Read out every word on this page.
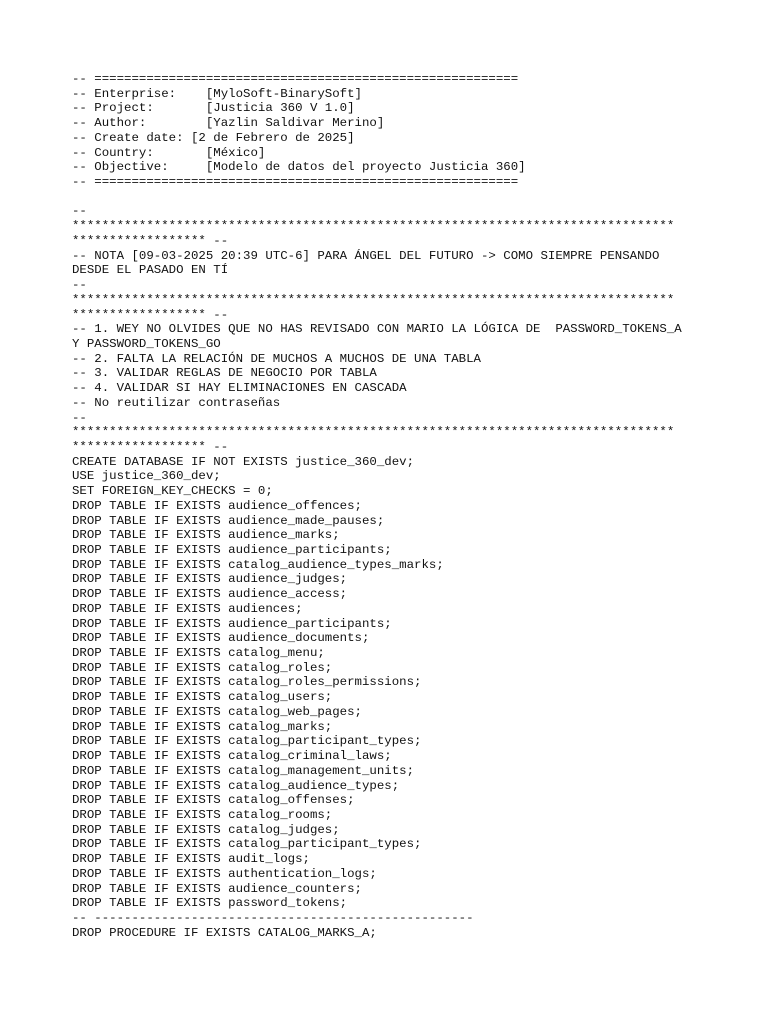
-- =========================================================
-- Enterprise:    [MyloSoft-BinarySoft]
-- Project:       [Justicia 360 V 1.0]
-- Author:        [Yazlin Saldivar Merino]
-- Create date: [2 de Febrero de 2025]
-- Country:       [México]
-- Objective:     [Modelo de datos del proyecto Justicia 360]
-- =========================================================
--
*********************************************************************************
****************** --
-- NOTA [09-03-2025 20:39 UTC-6] PARA ÁNGEL DEL FUTURO -> COMO SIEMPRE PENSANDO
DESDE EL PASADO EN TÍ
--
*********************************************************************************
****************** --
-- 1. WEY NO OLVIDES QUE NO HAS REVISADO CON MARIO LA LÓGICA DE  PASSWORD_TOKENS_A
Y PASSWORD_TOKENS_GO
-- 2. FALTA LA RELACIÓN DE MUCHOS A MUCHOS DE UNA TABLA
-- 3. VALIDAR REGLAS DE NEGOCIO POR TABLA
-- 4. VALIDAR SI HAY ELIMINACIONES EN CASCADA
-- No reutilizar contraseñas
--
*********************************************************************************
****************** --
CREATE DATABASE IF NOT EXISTS justice_360_dev;
USE justice_360_dev;
SET FOREIGN_KEY_CHECKS = 0;
DROP TABLE IF EXISTS audience_offences;
DROP TABLE IF EXISTS audience_made_pauses;
DROP TABLE IF EXISTS audience_marks;
DROP TABLE IF EXISTS audience_participants;
DROP TABLE IF EXISTS catalog_audience_types_marks;
DROP TABLE IF EXISTS audience_judges;
DROP TABLE IF EXISTS audience_access;
DROP TABLE IF EXISTS audiences;
DROP TABLE IF EXISTS audience_participants;
DROP TABLE IF EXISTS audience_documents;
DROP TABLE IF EXISTS catalog_menu;
DROP TABLE IF EXISTS catalog_roles;
DROP TABLE IF EXISTS catalog_roles_permissions;
DROP TABLE IF EXISTS catalog_users;
DROP TABLE IF EXISTS catalog_web_pages;
DROP TABLE IF EXISTS catalog_marks;
DROP TABLE IF EXISTS catalog_participant_types;
DROP TABLE IF EXISTS catalog_criminal_laws;
DROP TABLE IF EXISTS catalog_management_units;
DROP TABLE IF EXISTS catalog_audience_types;
DROP TABLE IF EXISTS catalog_offenses;
DROP TABLE IF EXISTS catalog_rooms;
DROP TABLE IF EXISTS catalog_judges;
DROP TABLE IF EXISTS catalog_participant_types;
DROP TABLE IF EXISTS audit_logs;
DROP TABLE IF EXISTS authentication_logs;
DROP TABLE IF EXISTS audience_counters;
DROP TABLE IF EXISTS password_tokens;
-- ---------------------------------------------------
DROP PROCEDURE IF EXISTS CATALOG_MARKS_A;
